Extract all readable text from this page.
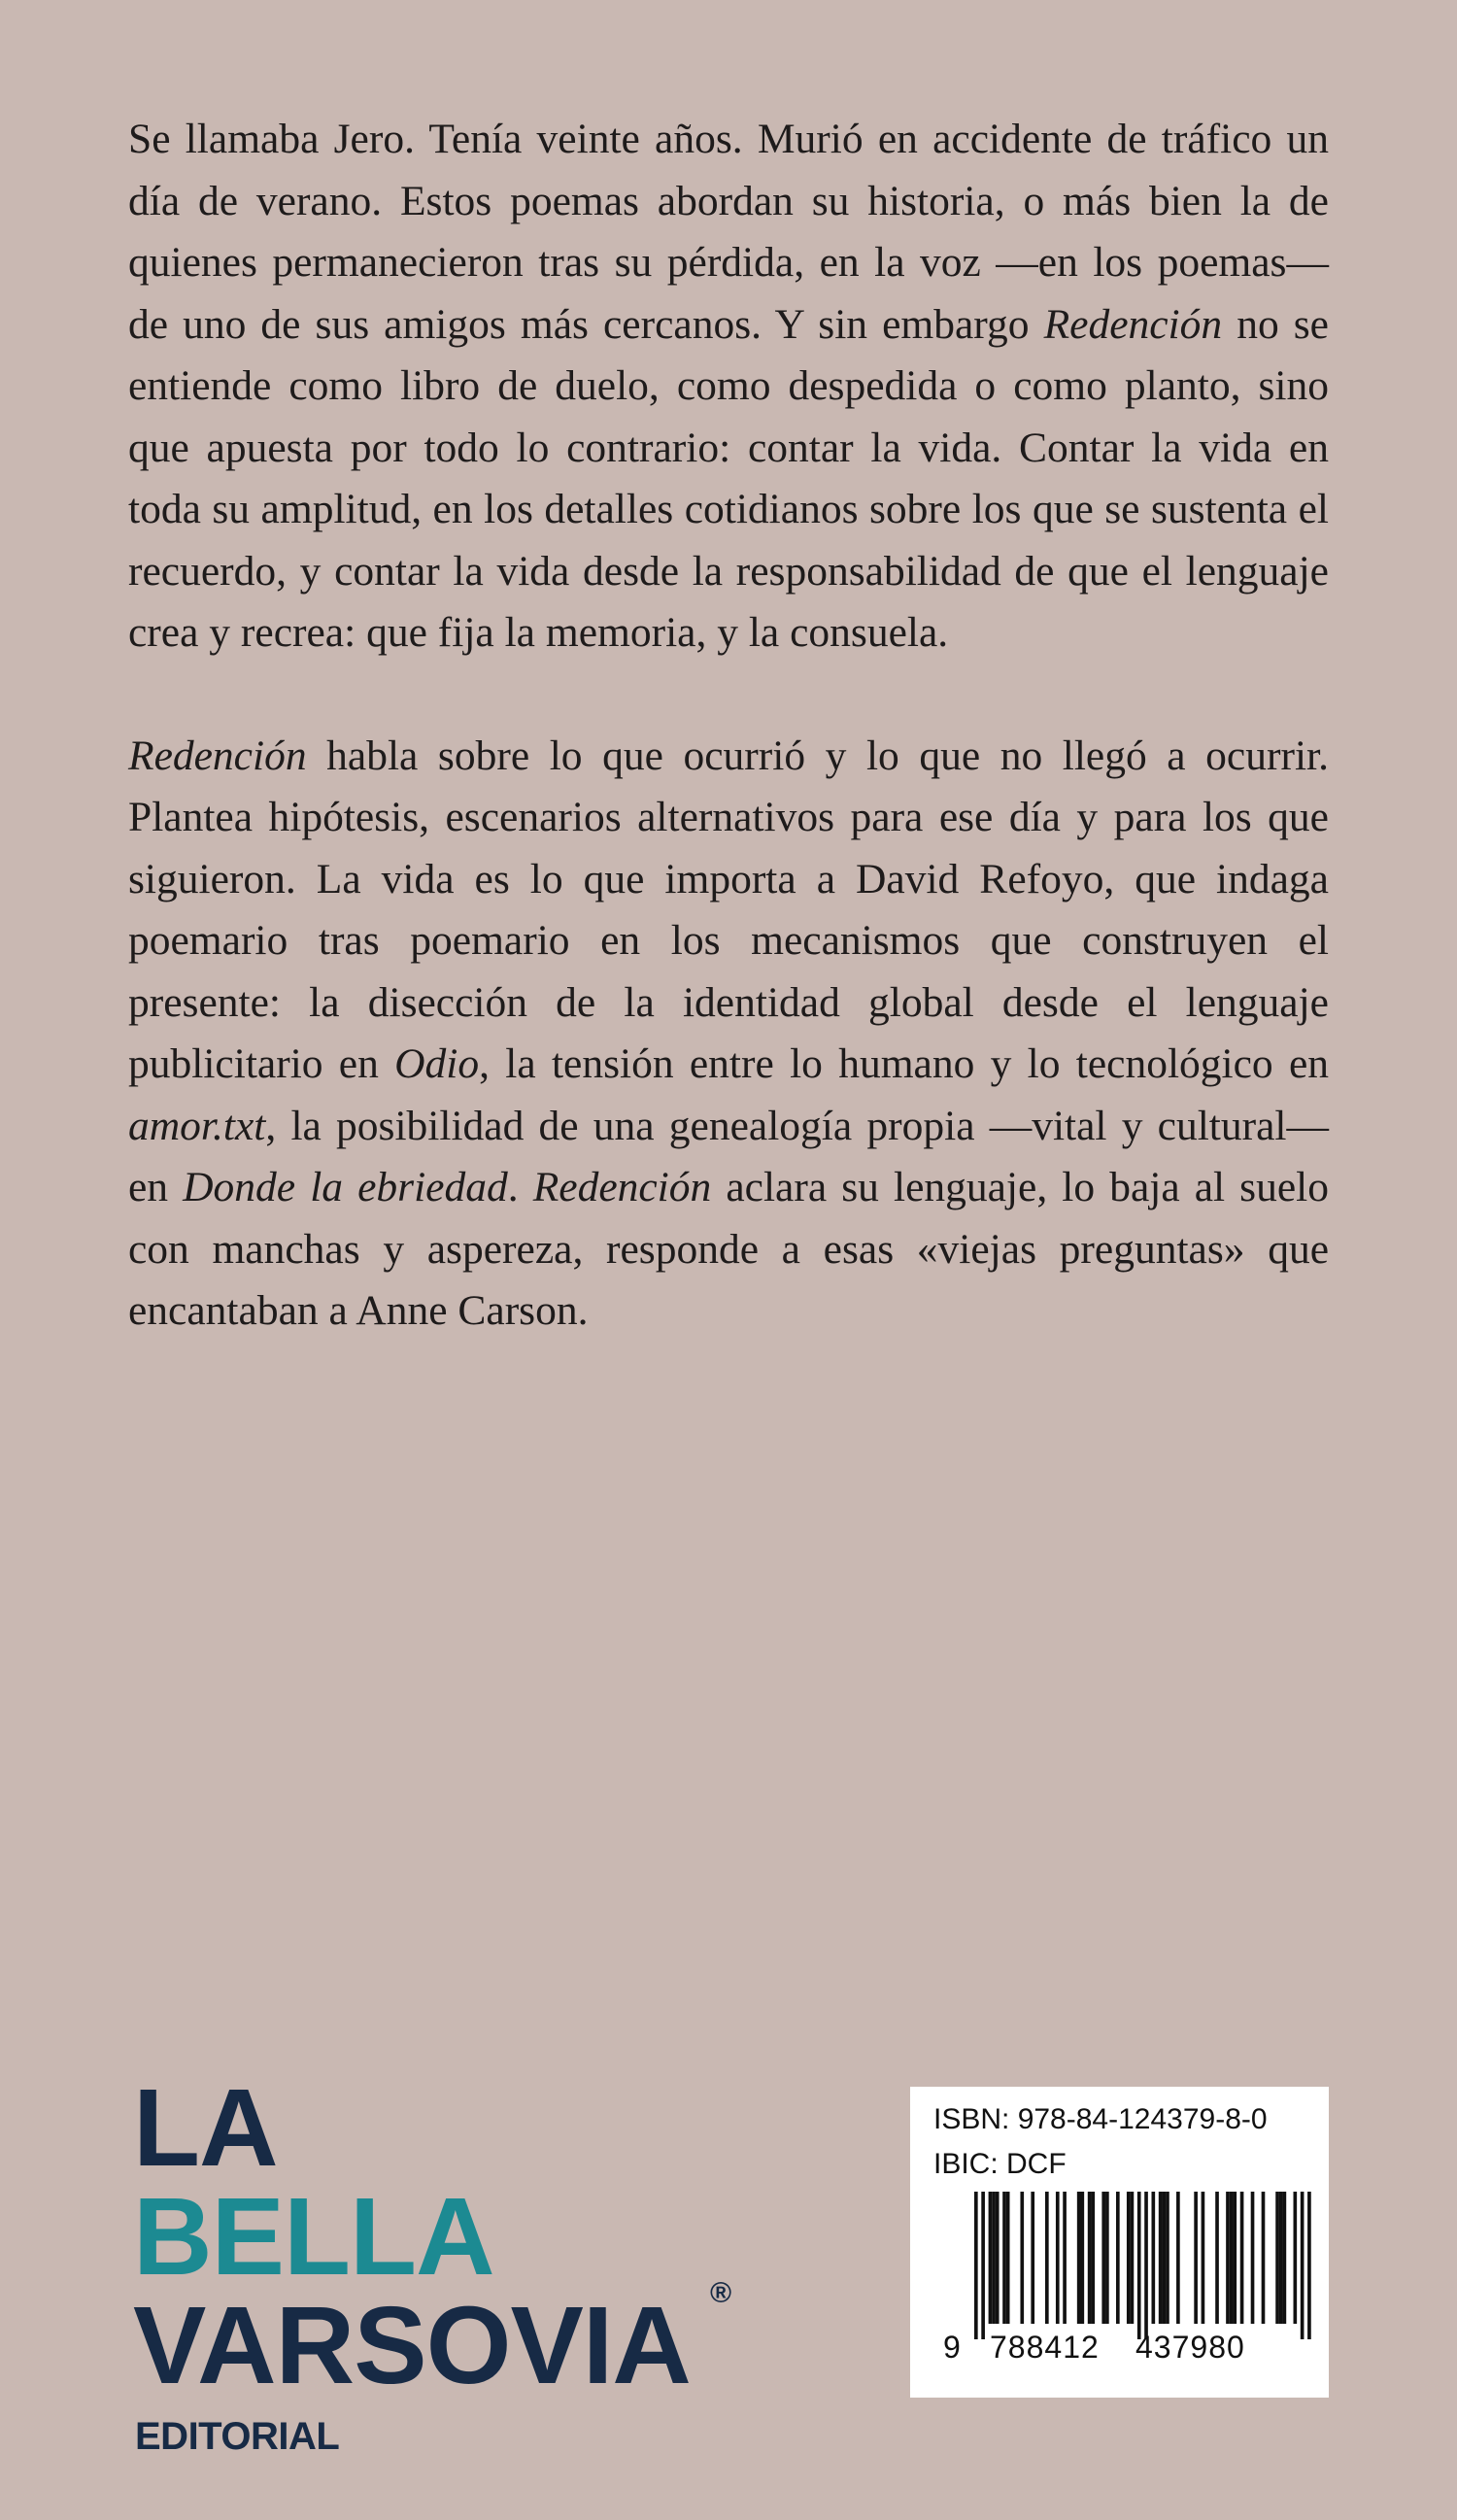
Se llamaba Jero. Tenía veinte años. Murió en accidente de tráfico un día de verano. Estos poemas abordan su historia, o más bien la de quienes permanecieron tras su pérdida, en la voz —en los poemas— de uno de sus amigos más cercanos. Y sin embargo Redención no se entiende como libro de duelo, como despedida o como planto, sino que apuesta por todo lo contrario: contar la vida. Contar la vida en toda su amplitud, en los detalles cotidianos sobre los que se sustenta el recuerdo, y contar la vida desde la responsabilidad de que el lenguaje crea y recrea: que fija la memoria, y la consuela.

Redención habla sobre lo que ocurrió y lo que no llegó a ocurrir. Plantea hipótesis, escenarios alternativos para ese día y para los que siguieron. La vida es lo que importa a David Refoyo, que indaga poemario tras poemario en los mecanismos que construyen el presente: la disección de la identidad global desde el lenguaje publicitario en Odio, la tensión entre lo humano y lo tecnológico en amor.txt, la posibilidad de una genealogía propia —vital y cultural— en Donde la ebriedad. Redención aclara su lenguaje, lo baja al suelo con manchas y aspereza, responde a esas «viejas preguntas» que encantaban a Anne Carson.

LA

BELLA

VARSOVIA ®
EDITORIAL

ISBN: 978-84-124379-8-0

IBIC: DCF

9 788412 437980
